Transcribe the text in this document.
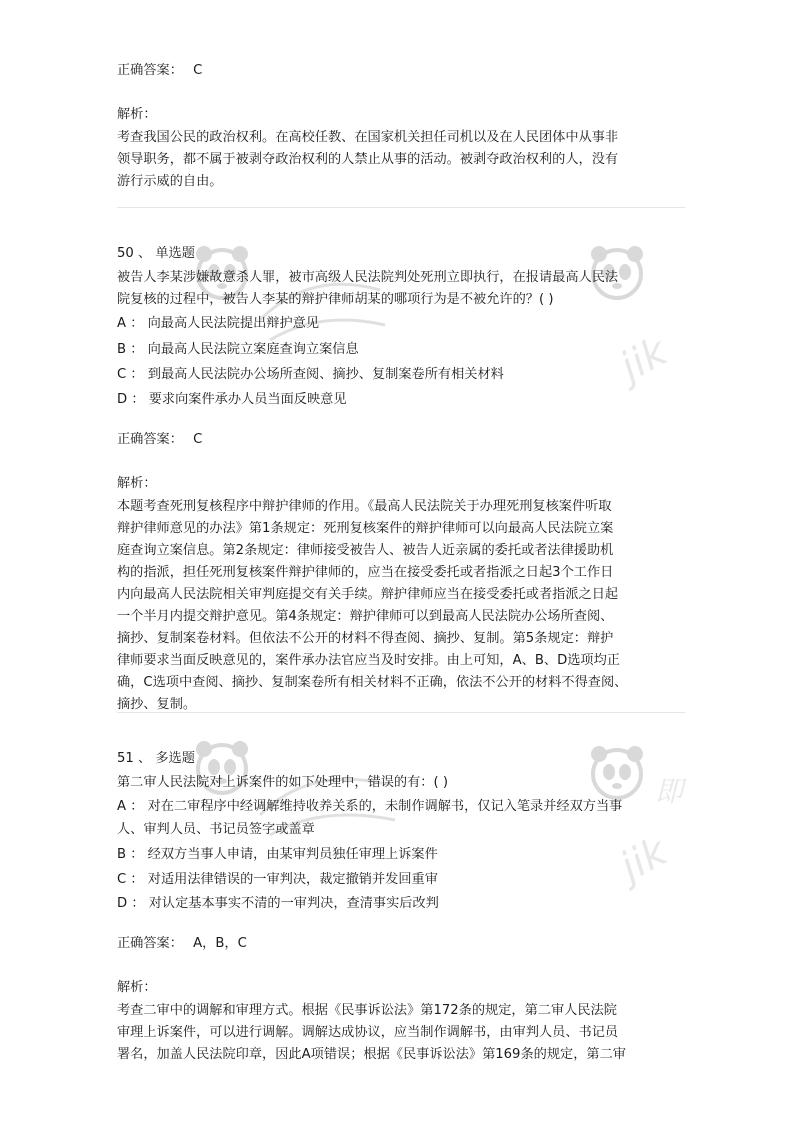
jik
即
jik
正确答案： C
解析：
考查我国公民的政治权利。在高校任教、在国家机关担任司机以及在人民团体中从事非
领导职务，都不属于被剥夺政治权利的人禁止从事的活动。被剥夺政治权利的人，没有
游行示威的自由。
50 、 单选题
被告人李某涉嫌故意杀人罪，被市高级人民法院判处死刑立即执行，在报请最高人民法
院复核的过程中，被告人李某的辩护律师胡某的哪项行为是不被允许的？( )
A ： 向最高人民法院提出辩护意见
B ： 向最高人民法院立案庭查询立案信息
C ： 到最高人民法院办公场所查阅、摘抄、复制案卷所有相关材料
D ： 要求向案件承办人员当面反映意见
正确答案： C
解析：
本题考查死刑复核程序中辩护律师的作用。《最高人民法院关于办理死刑复核案件听取
辩护律师意见的办法》第1条规定：死刑复核案件的辩护律师可以向最高人民法院立案
庭查询立案信息。第2条规定：律师接受被告人、被告人近亲属的委托或者法律援助机
构的指派，担任死刑复核案件辩护律师的，应当在接受委托或者指派之日起3个工作日
内向最高人民法院相关审判庭提交有关手续。辩护律师应当在接受委托或者指派之日起
一个半月内提交辩护意见。第4条规定：辩护律师可以到最高人民法院办公场所查阅、
摘抄、复制案卷材料。但依法不公开的材料不得查阅、摘抄、复制。第5条规定：辩护
律师要求当面反映意见的，案件承办法官应当及时安排。由上可知，A、B、D选项均正
确，C选项中查阅、摘抄、复制案卷所有相关材料不正确，依法不公开的材料不得查阅、
摘抄、复制。
51 、 多选题
第二审人民法院对上诉案件的如下处理中，错误的有：( )
A ： 对在二审程序中经调解维持收养关系的，未制作调解书，仅记入笔录并经双方当事
人、审判人员、书记员签字或盖章
B ： 经双方当事人申请，由某审判员独任审理上诉案件
C ： 对适用法律错误的一审判决，裁定撤销并发回重审
D ： 对认定基本事实不清的一审判决，查清事实后改判
正确答案： A，B，C
解析：
考查二审中的调解和审理方式。根据《民事诉讼法》第172条的规定，第二审人民法院
审理上诉案件，可以进行调解。调解达成协议，应当制作调解书，由审判人员、书记员
署名，加盖人民法院印章，因此A项错误；根据《民事诉讼法》第169条的规定，第二审
